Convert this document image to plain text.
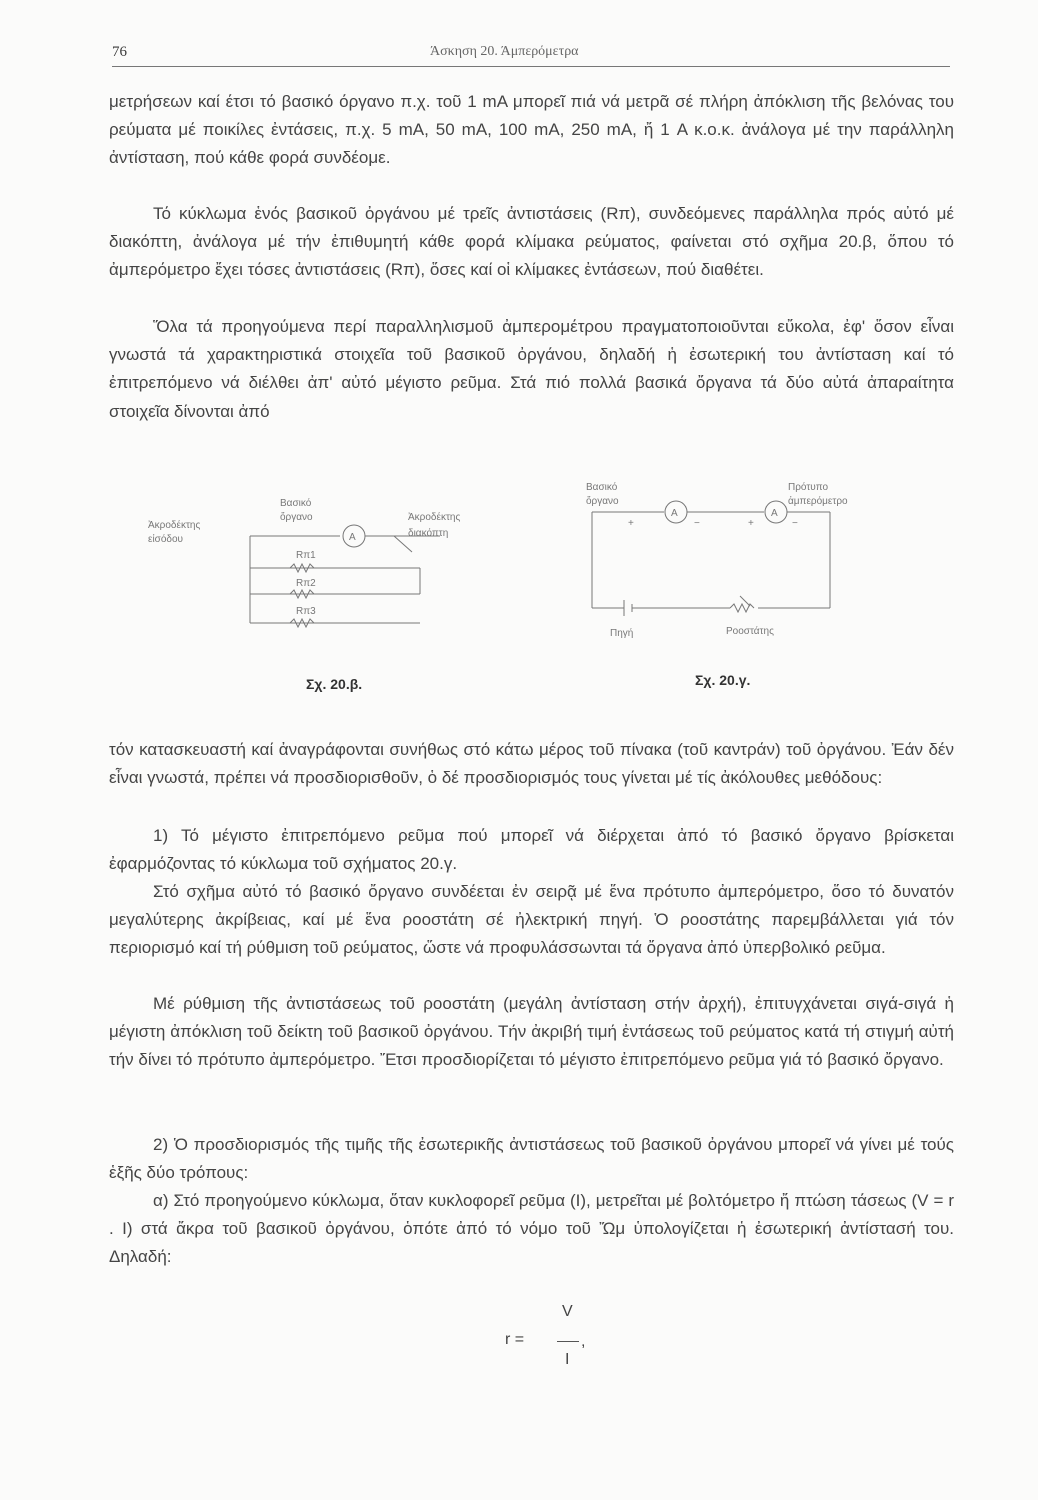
76	Άσκηση 20. Άμπερόμετρα

μετρήσεων καί έτσι τό βασικό όργανο π.χ. τοῦ 1 mA μπορεῖ πιά νά μετρᾶ σέ πλήρη ἀπόκλιση τῆς βελόνας του ρεύματα μέ ποικίλες ἐντάσεις, π.χ. 5 mA, 50 mA, 100 mA, 250 mA, ἤ 1 A κ.ο.κ. ἀνάλογα μέ την παράλληλη ἀντίσταση, πού κάθε φορά συνδέομε.

Τό κύκλωμα ἑνός βασικοῦ ὀργάνου μέ τρεῖς ἀντιστάσεις (Rπ), συνδεόμενες παράλληλα πρός αὐτό μέ διακόπτη, ἀνάλογα μέ τήν ἐπιθυμητή κάθε φορά κλίμακα ρεύματος, φαίνεται στό σχῆμα 20.β, ὅπου τό ἀμπερόμετρο ἔχει τόσες ἀντιστάσεις (Rπ), ὅσες καί οἱ κλίμακες ἐντάσεων, πού διαθέτει.

Ὅλα τά προηγούμενα περί παραλληλισμοῦ ἀμπερομέτρου πραγματοποιοῦνται εὔκολα, ἐφ' ὅσον εἶναι γνωστά τά χαρακτηριστικά στοιχεῖα τοῦ βασικοῦ ὀργάνου, δηλαδή ἡ ἐσωτερική του ἀντίσταση καί τό ἐπιτρεπόμενο νά διέλθει ἀπ' αὐτό μέγιστο ρεῦμα. Στά πιό πολλά βασικά ὄργανα τά δύο αὐτά ἀπαραίτητα στοιχεῖα δίνονται ἀπό

Ἀκροδέκτης
εἰσόδου
Βασικό
ὄργανο	Ἀκροδέκτης
διακόπτη
A
Rπ1
Rπ2
Rπ3
Σχ. 20.β.
Βασικό
ὄργανο
Πρότυπο
ἀμπερόμετρο
A	A
+	−	+	−
Πηγή	Ροοστάτης
Σχ. 20.γ.

τόν κατασκευαστή καί ἀναγράφονται συνήθως στό κάτω μέρος τοῦ πίνακα (τοῦ καντράν) τοῦ ὀργάνου. Ἐάν δέν εἶναι γνωστά, πρέπει νά προσδιορισθοῦν, ὁ δέ προσδιορισμός τους γίνεται μέ τίς ἀκόλουθες μεθόδους:

1) Τό μέγιστο ἐπιτρεπόμενο ρεῦμα πού μπορεῖ νά διέρχεται ἀπό τό βασικό ὄργανο βρίσκεται ἐφαρμόζοντας τό κύκλωμα τοῦ σχήματος 20.γ.

Στό σχῆμα αὐτό τό βασικό ὄργανο συνδέεται ἐν σειρᾷ μέ ἕνα πρότυπο ἀμπερόμετρο, ὅσο τό δυνατόν μεγαλύτερης ἀκρίβειας, καί μέ ἕνα ροοστάτη σέ ἠλεκτρική πηγή. Ὁ ροοστάτης παρεμβάλλεται γιά τόν περιορισμό καί τή ρύθμιση τοῦ ρεύματος, ὥστε νά προφυλάσσωνται τά ὄργανα ἀπό ὑπερβολικό ρεῦμα.

Μέ ρύθμιση τῆς ἀντιστάσεως τοῦ ροοστάτη (μεγάλη ἀντίσταση στήν ἀρχή), ἐπιτυγχάνεται σιγά-σιγά ἡ μέγιστη ἀπόκλιση τοῦ δείκτη τοῦ βασικοῦ ὀργάνου. Τήν ἀκριβή τιμή ἐντάσεως τοῦ ρεύματος κατά τή στιγμή αὐτή τήν δίνει τό πρότυπο ἀμπερόμετρο. Ἔτσι προσδιορίζεται τό μέγιστο ἐπιτρεπόμενο ρεῦμα γιά τό βασικό ὄργανο.

2) Ὁ προσδιορισμός τῆς τιμῆς τῆς ἐσωτερικῆς ἀντιστάσεως τοῦ βασικοῦ ὀργάνου μπορεῖ νά γίνει μέ τούς ἑξῆς δύο τρόπους:

α) Στό προηγούμενο κύκλωμα, ὅταν κυκλοφορεῖ ρεῦμα (I), μετρεῖται μέ βολτόμετρο ἤ πτώση τάσεως (V = r . I) στά ἄκρα τοῦ βασικοῦ ὀργάνου, ὁπότε ἀπό τό νόμο τοῦ Ὤμ ὑπολογίζεται ἡ ἐσωτερική ἀντίστασή του. Δηλαδή:

r =
V
I
,
